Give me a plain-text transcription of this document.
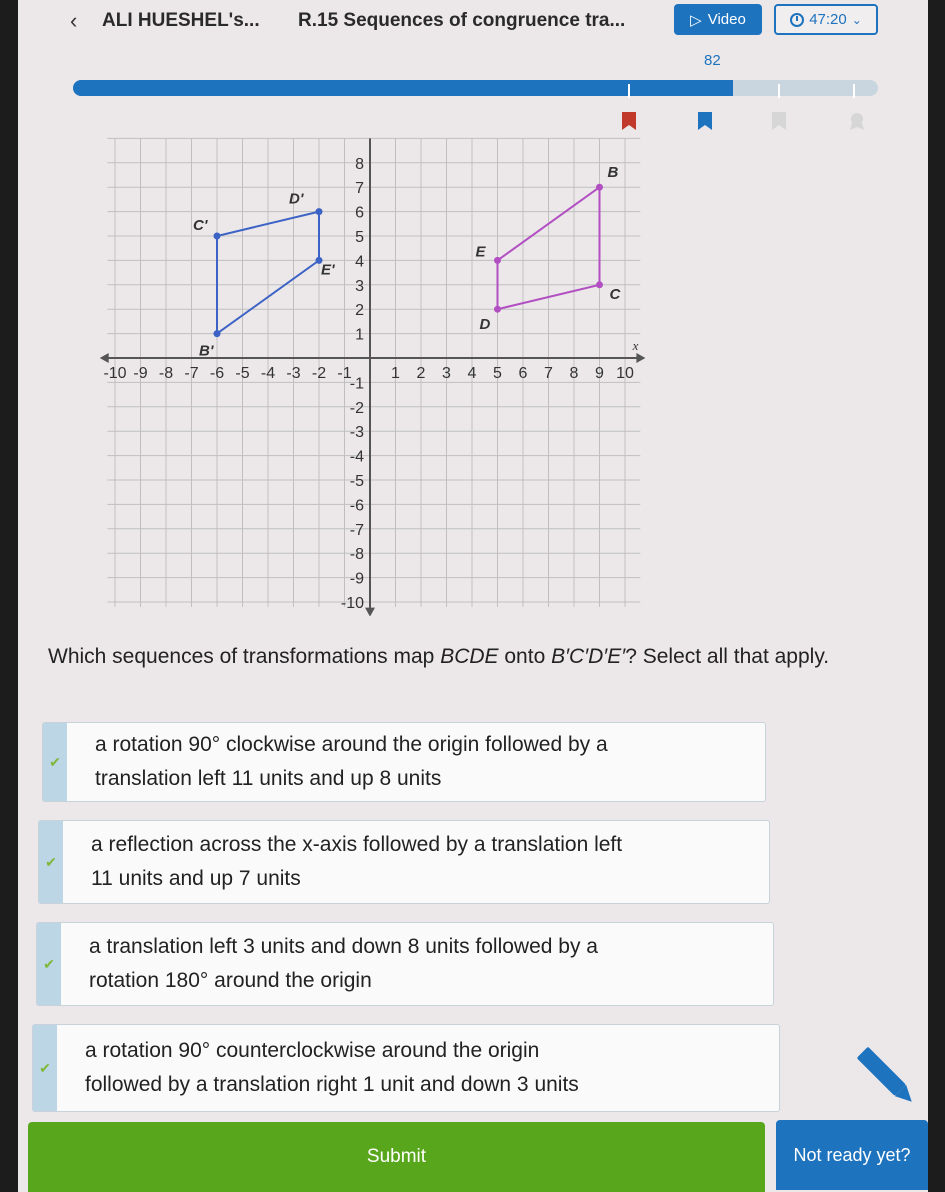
‹ ALI HUESHEL's... R.15 Sequences of congruence tra...	▷ Video	47:20 ⌄
82
x
-10 -9 -8 -7 -6 -5 -4 -3 -2 -1 1 2 3 4 5 6 7 8 9 10
8
7
6
5
4
3
2
1
-1
-2
-3
-4
-5
-6
-7
-8
-9
-10
B
C
D
E
B'
C'
D'
E'
Which sequences of transformations map BCDE onto B′C′D′E′? Select all that apply.
✔
a rotation 90° clockwise around the origin followed by a
translation left 11 units and up 8 units
✔
a reflection across the x-axis followed by a translation left
11 units and up 7 units
✔
a translation left 3 units and down 8 units followed by a
rotation 180° around the origin
✔
a rotation 90° counterclockwise around the origin
followed by a translation right 1 unit and down 3 units
Submit	Not ready yet?
